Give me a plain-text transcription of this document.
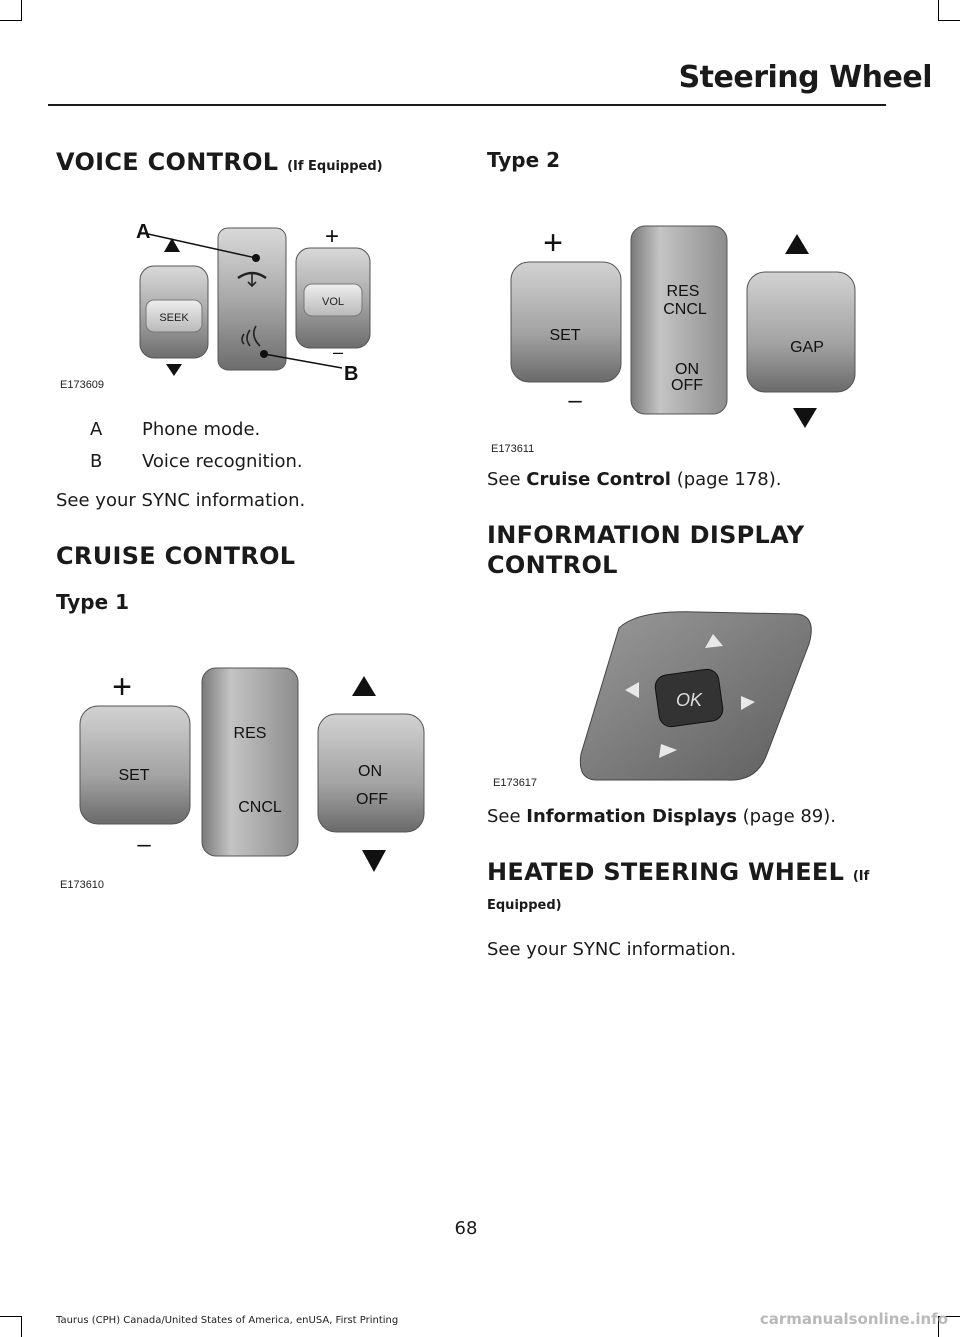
Steering Wheel
VOICE CONTROL (If Equipped)
SEEK
VOL
+
–
A
B
E173609
A Phone mode.
B Voice recognition.
See your SYNC information.
CRUISE CONTROL
Type 1
SET
RES
CNCL
ON
OFF
+
–
E173610
Type 2
SET
RES
CNCL
ON
OFF
GAP
+
–
E173611
See Cruise Control (page 178).
INFORMATION DISPLAY
CONTROL
OK
E173617
See Information Displays (page 89).
HEATED STEERING WHEEL (If
Equipped)
See your SYNC information.
68
Taurus (CPH) Canada/United States of America, enUSA, First Printing	carmanualsonline.info
